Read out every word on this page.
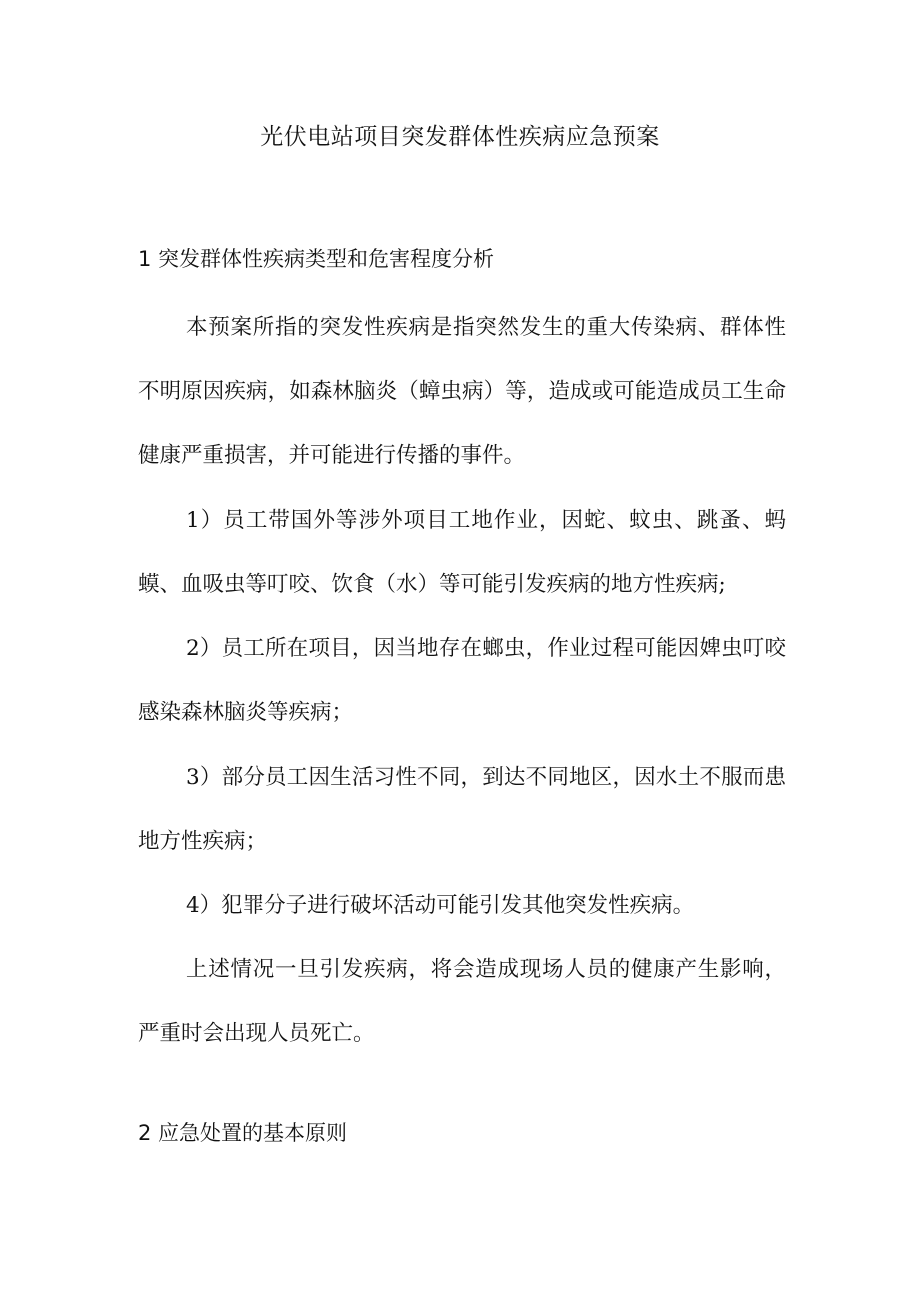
光伏电站项目突发群体性疾病应急预案
1 突发群体性疾病类型和危害程度分析
本预案所指的突发性疾病是指突然发生的重大传染病、群体性不明原因疾病，如森林脑炎（蟑虫病）等，造成或可能造成员工生命健康严重损害，并可能进行传播的事件。
1）员工带国外等涉外项目工地作业，因蛇、蚊虫、跳蚤、蚂蟆、血吸虫等叮咬、饮食（水）等可能引发疾病的地方性疾病;
2）员工所在项目，因当地存在螂虫，作业过程可能因婢虫叮咬感染森林脑炎等疾病；
3）部分员工因生活习性不同，到达不同地区，因水土不服而患地方性疾病；
4）犯罪分子进行破坏活动可能引发其他突发性疾病。
上述情况一旦引发疾病，将会造成现场人员的健康产生影响，严重时会出现人员死亡。
2 应急处置的基本原则
